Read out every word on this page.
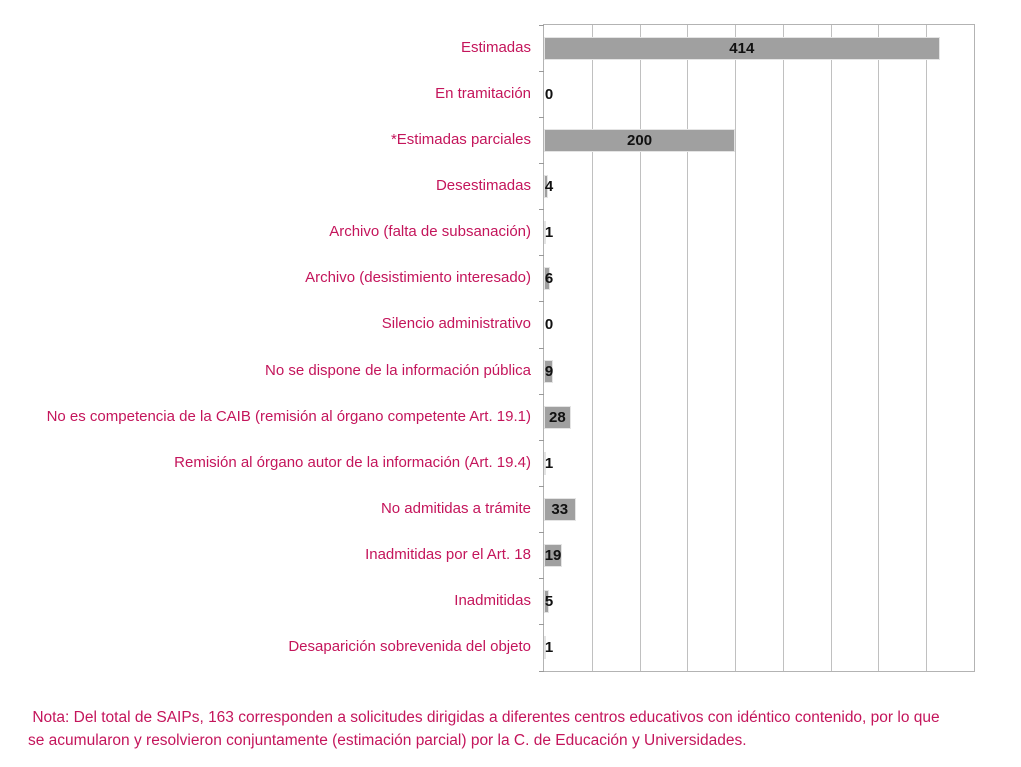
Estimadas
En tramitación
*Estimadas parciales
Desestimadas
Archivo (falta de subsanación)
Archivo (desistimiento interesado)
Silencio administrativo
No se dispone de la información pública
No es competencia de la CAIB (remisión al órgano competente Art. 19.1)
Remisión al órgano autor de la información (Art. 19.4)
No admitidas a trámite
Inadmitidas por el Art. 18
Inadmitidas
Desaparición sobrevenida del objeto
414
0
200
4
1
6
0
9
28
1
33
19
5
1
Nota: Del total de SAIPs, 163 corresponden a solicitudes dirigidas a diferentes centros educativos con idéntico contenido, por lo que
se acumularon y resolvieron conjuntamente (estimación parcial) por la C. de Educación y Universidades.
